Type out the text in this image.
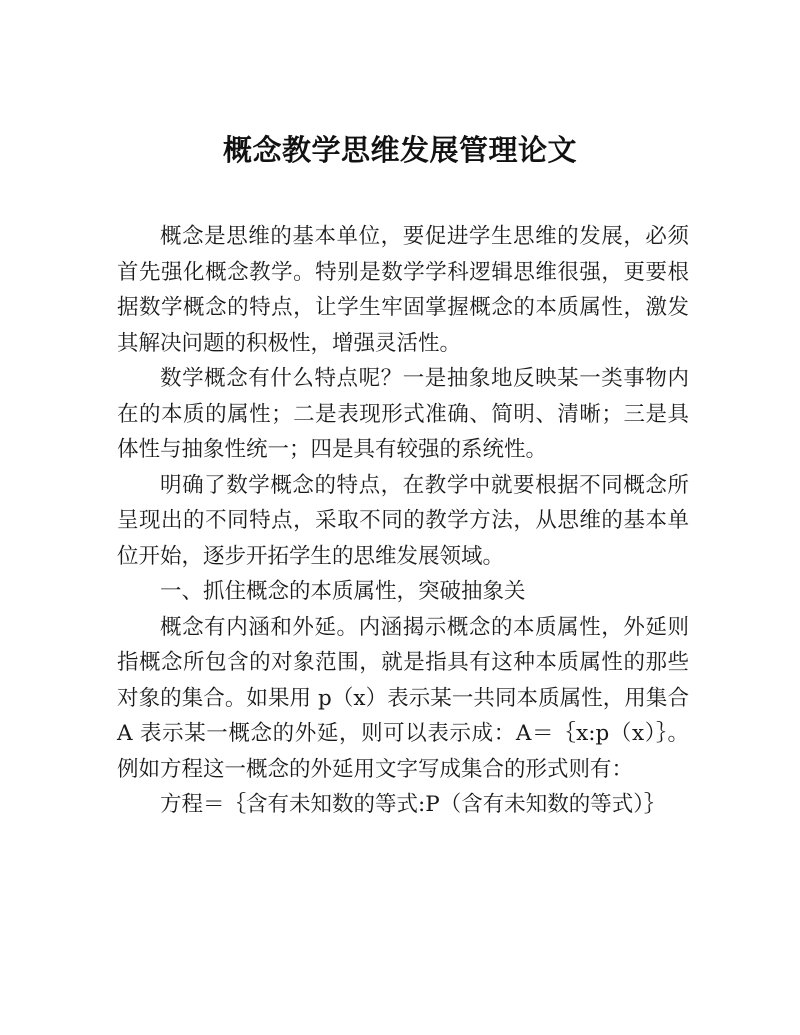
概念教学思维发展管理论文

概念是思维的基本单位，要促进学生思维的发展，必须首先强化概念教学。特别是数学学科逻辑思维很强，更要根据数学概念的特点，让学生牢固掌握概念的本质属性，激发其解决问题的积极性，增强灵活性。

数学概念有什么特点呢？一是抽象地反映某一类事物内在的本质的属性；二是表现形式准确、简明、清晰；三是具体性与抽象性统一；四是具有较强的系统性。

明确了数学概念的特点，在教学中就要根据不同概念所呈现出的不同特点，采取不同的教学方法，从思维的基本单位开始，逐步开拓学生的思维发展领域。

一、抓住概念的本质属性，突破抽象关

概念有内涵和外延。内涵揭示概念的本质属性，外延则指概念所包含的对象范围，就是指具有这种本质属性的那些对象的集合。如果用 p（x）表示某一共同本质属性，用集合 A 表示某一概念的外延，则可以表示成：A＝｛x:p（x）｝。例如方程这一概念的外延用文字写成集合的形式则有：

方程＝｛含有未知数的等式:P（含有未知数的等式）｝
